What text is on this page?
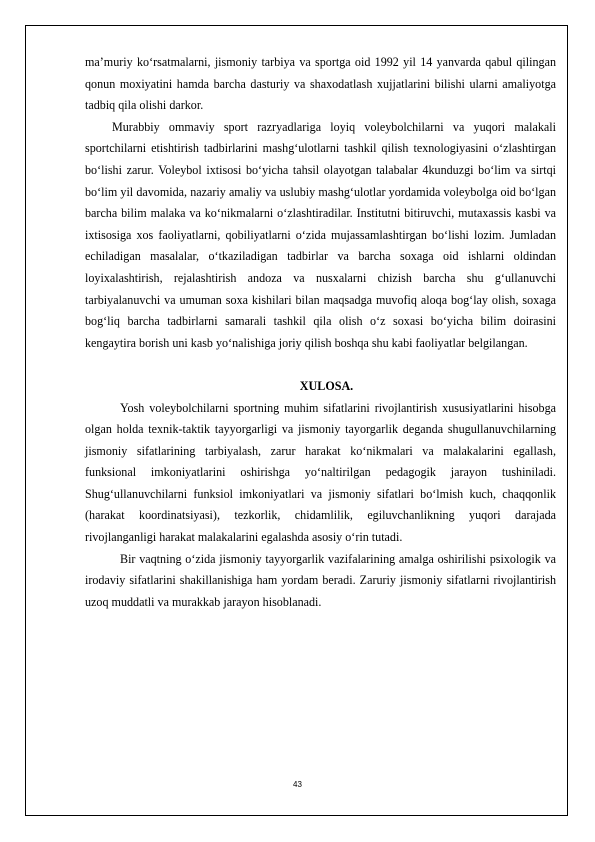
ma’muriy ko‘rsatmalarni, jismoniy tarbiya va sportga oid 1992 yil 14 yanvarda qabul qilingan qonun moxiyatini hamda barcha dasturiy va shaxodatlash xujjatlarini bilishi ularni amaliyotga tadbiq qila olishi darkor.

Murabbiy ommaviy sport razryadlariga loyiq voleybolchilarni va yuqori malakali sportchilarni etishtirish tadbirlarini mashg‘ulotlarni tashkil qilish texnologiyasini o‘zlashtirgan bo‘lishi zarur. Voleybol ixtisosi bo‘yicha tahsil olayotgan talabalar 4kunduzgi bo‘lim va sirtqi bo‘lim yil davomida, nazariy amaliy va uslubiy mashg‘ulotlar yordamida voleybolga oid bo‘lgan barcha bilim malaka va ko‘nikmalarni o‘zlashtiradilar. Institutni bitiruvchi, mutaxassis kasbi va ixtisosiga xos faoliyatlarni, qobiliyatlarni o‘zida mujassamlashtirgan bo‘lishi lozim. Jumladan echiladigan masalalar, o‘tkaziladigan tadbirlar va barcha soxaga oid ishlarni oldindan loyixalashtirish, rejalashtirish andoza va nusxalarni chizish barcha shu g‘ullanuvchi tarbiyalanuvchi va umuman soxa kishilari bilan maqsadga muvofiq aloqa bog‘lay olish, soxaga bog‘liq barcha tadbirlarni samarali tashkil qila olish o‘z soxasi bo‘yicha bilim doirasini kengaytira borish uni kasb yo‘nalishiga joriy qilish boshqa shu kabi faoliyatlar belgilangan.

XULOSA.

Yosh voleybolchilarni sportning muhim sifatlarini rivojlantirish xususiyatlarini hisobga olgan holda texnik-taktik tayyorgarligi va jismoniy tayorgarlik deganda shugullanuvchilarning jismoniy sifatlarining tarbiyalash, zarur harakat ko‘nikmalari va malakalarini egallash, funksional imkoniyatlarini oshirishga yo‘naltirilgan pedagogik jarayon tushiniladi. Shug‘ullanuvchilarni funksiol imkoniyatlari va jismoniy sifatlari bo‘lmish kuch, chaqqonlik (harakat koordinatsiyasi), tezkorlik, chidamlilik, egiluvchanlikning yuqori darajada rivojlanganligi harakat malakalarini egalashda asosiy o‘rin tutadi.

Bir vaqtning o‘zida jismoniy tayyorgarlik vazifalarining amalga oshirilishi psixologik va irodaviy sifatlarini shakillanishiga ham yordam beradi. Zaruriy jismoniy sifatlarni rivojlantirish uzoq muddatli va murakkab jarayon hisoblanadi.

43
